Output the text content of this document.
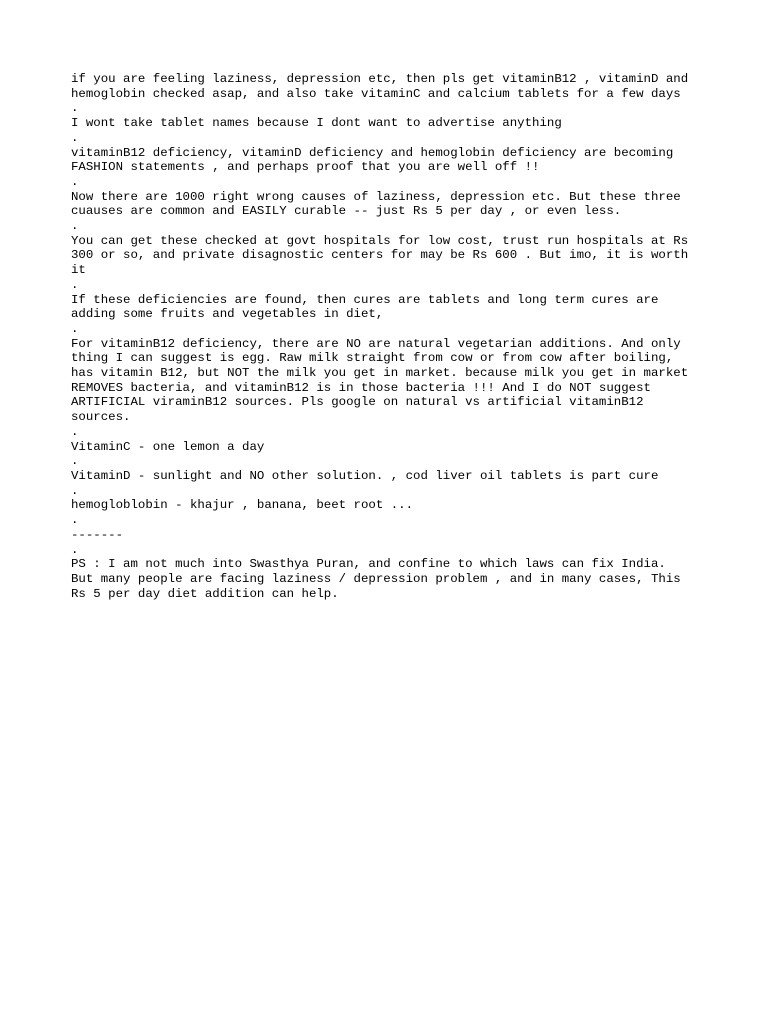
if you are feeling laziness, depression etc, then pls get vitaminB12 , vitaminD and
hemoglobin checked asap, and also take vitaminC and calcium tablets for a few days
.
I wont take tablet names because I dont want to advertise anything
.
vitaminB12 deficiency, vitaminD deficiency and hemoglobin deficiency are becoming
FASHION statements , and perhaps proof that you are well off !!
.
Now there are 1000 right wrong causes of laziness, depression etc. But these three
cuauses are common and EASILY curable -- just Rs 5 per day , or even less.
.
You can get these checked at govt hospitals for low cost, trust run hospitals at Rs
300 or so, and private disagnostic centers for may be Rs 600 . But imo, it is worth
it
.
If these deficiencies are found, then cures are tablets and long term cures are
adding some fruits and vegetables in diet,
.
For vitaminB12 deficiency, there are NO are natural vegetarian additions. And only
thing I can suggest is egg. Raw milk straight from cow or from cow after boiling,
has vitamin B12, but NOT the milk you get in market. because milk you get in market
REMOVES bacteria, and vitaminB12 is in those bacteria !!! And I do NOT suggest
ARTIFICIAL viraminB12 sources. Pls google on natural vs artificial vitaminB12
sources.
.
VitaminC - one lemon a day
.
VitaminD - sunlight and NO other solution. , cod liver oil tablets is part cure
.
hemogloblobin - khajur , banana, beet root ...
.
-------
.
PS : I am not much into Swasthya Puran, and confine to which laws can fix India.
But many people are facing laziness / depression problem , and in many cases, This
Rs 5 per day diet addition can help.
